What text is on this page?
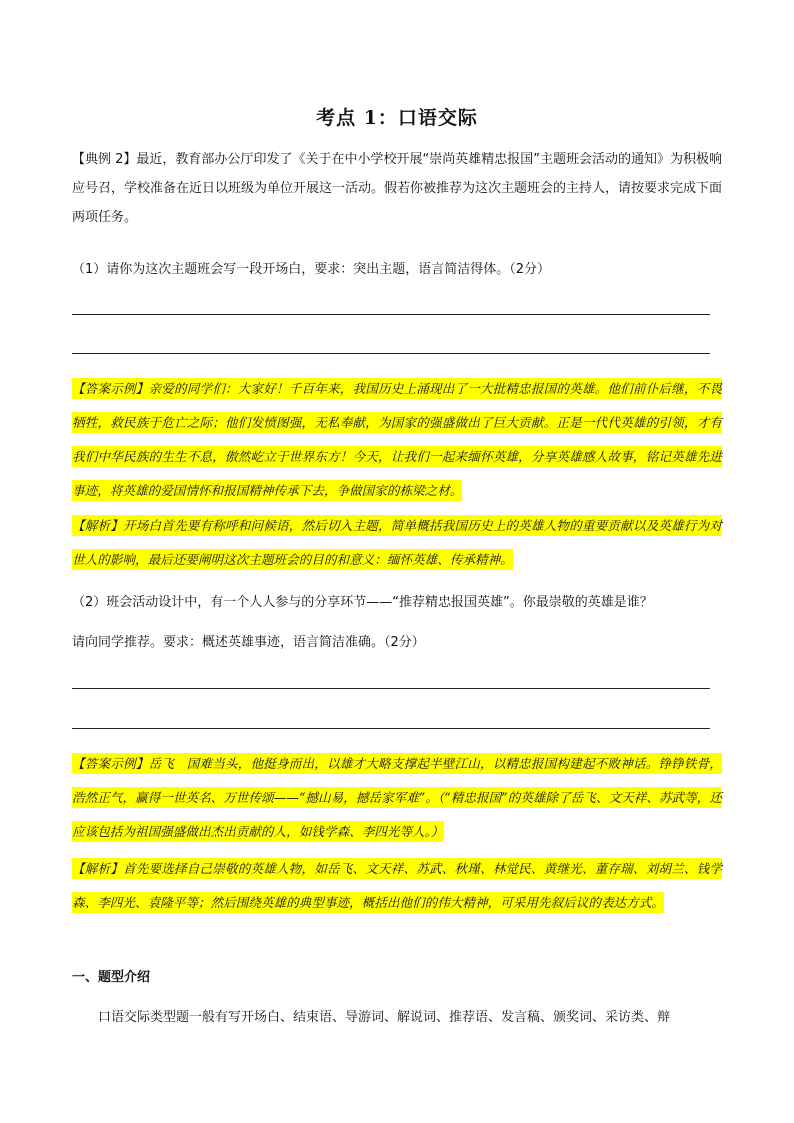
考点 1：口语交际

【典例 2】最近，教育部办公厅印发了《关于在中小学校开展“崇尚英雄精忠报国”主题班会活动的通知》为积极响应号召，学校准备在近日以班级为单位开展这一活动。假若你被推荐为这次主题班会的主持人，请按要求完成下面两项任务。

（1）请你为这次主题班会写一段开场白，要求：突出主题，语言简洁得体。（2分）

【答案示例】亲爱的同学们：大家好！千百年来，我国历史上涌现出了一大批精忠报国的英雄。他们前仆后继，不畏牺牲，救民族于危亡之际；他们发愤图强，无私奉献，为国家的强盛做出了巨大贡献。正是一代代英雄的引领，才有我们中华民族的生生不息，傲然屹立于世界东方！今天，让我们一起来缅怀英雄，分享英雄感人故事，铭记英雄先进事迹，将英雄的爱国情怀和报国精神传承下去，争做国家的栋梁之材。

【解析】开场白首先要有称呼和问候语，然后切入主题，简单概括我国历史上的英雄人物的重要贡献以及英雄行为对世人的影响，最后还要阐明这次主题班会的目的和意义：缅怀英雄、传承精神。

（2）班会活动设计中，有一个人人参与的分享环节——“推荐精忠报国英雄”。你最崇敬的英雄是谁？

请向同学推荐。要求：概述英雄事迹，语言简洁准确。（2分）

【答案示例】岳飞　国难当头，他挺身而出，以雄才大略支撑起半壁江山，以精忠报国构建起不败神话。铮铮铁骨，浩然正气，赢得一世英名、万世传颂——“撼山易，撼岳家军难”。（“精忠报国”的英雄除了岳飞、文天祥、苏武等，还应该包括为祖国强盛做出杰出贡献的人，如钱学森、李四光等人。）

【解析】首先要选择自己崇敬的英雄人物，如岳飞、文天祥、苏武、秋瑾、林觉民、黄继光、董存瑞、刘胡兰、钱学森、李四光、袁隆平等；然后围绕英雄的典型事迹，概括出他们的伟大精神，可采用先叙后议的表达方式。

一、题型介绍

口语交际类型题一般有写开场白、结束语、导游词、解说词、推荐语、发言稿、颁奖词、采访类、辩
